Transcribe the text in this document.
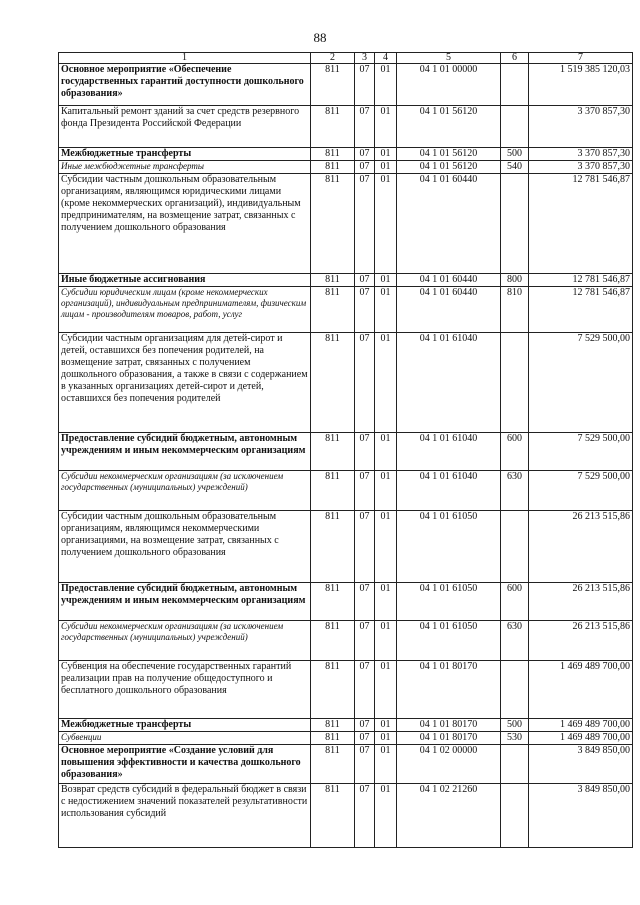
88
1	2	3	4	5	6	7
Основное мероприятие «Обеспечение государственных гарантий доступности дошкольного образования»	811	07	01	04 1 01 00000		1 519 385 120,03
Капитальный ремонт зданий за счет средств резервного фонда Президента Российской Федерации	811	07	01	04 1 01 56120		3 370 857,30
Межбюджетные трансферты	811	07	01	04 1 01 56120	500	3 370 857,30
Иные межбюджетные трансферты	811	07	01	04 1 01 56120	540	3 370 857,30
Субсидии частным дошкольным образовательным организациям, являющимся юридическими лицами (кроме некоммерческих организаций), индивидуальным предпринимателям, на возмещение затрат, связанных с получением дошкольного образования	811	07	01	04 1 01 60440		12 781 546,87
Иные бюджетные ассигнования	811	07	01	04 1 01 60440	800	12 781 546,87
Субсидии юридическим лицам (кроме некоммерческих организаций), индивидуальным предпринимателям, физическим лицам - производителям товаров, работ, услуг	811	07	01	04 1 01 60440	810	12 781 546,87
Субсидии частным организациям для детей-сирот и детей, оставшихся без попечения родителей, на возмещение затрат, связанных с получением дошкольного образования, а также в связи с содержанием в указанных организациях детей-сирот и детей, оставшихся без попечения родителей	811	07	01	04 1 01 61040		7 529 500,00
Предоставление субсидий бюджетным, автономным учреждениям и иным некоммерческим организациям	811	07	01	04 1 01 61040	600	7 529 500,00
Субсидии некоммерческим организациям (за исключением государственных (муниципальных) учреждений)	811	07	01	04 1 01 61040	630	7 529 500,00
Субсидии частным дошкольным образовательным организациям, являющимся некоммерческими организациями, на возмещение затрат, связанных с получением дошкольного образования	811	07	01	04 1 01 61050		26 213 515,86
Предоставление субсидий бюджетным, автономным учреждениям и иным некоммерческим организациям	811	07	01	04 1 01 61050	600	26 213 515,86
Субсидии некоммерческим организациям (за исключением государственных (муниципальных) учреждений)	811	07	01	04 1 01 61050	630	26 213 515,86
Субвенция на обеспечение государственных гарантий реализации прав на получение общедоступного и бесплатного дошкольного образования	811	07	01	04 1 01 80170		1 469 489 700,00
Межбюджетные трансферты	811	07	01	04 1 01 80170	500	1 469 489 700,00
Субвенции	811	07	01	04 1 01 80170	530	1 469 489 700,00
Основное мероприятие «Создание условий для повышения эффективности и качества дошкольного образования»	811	07	01	04 1 02 00000		3 849 850,00
Возврат средств субсидий в федеральный бюджет в связи с недостижением значений показателей результативности использования субсидий	811	07	01	04 1 02 21260		3 849 850,00
